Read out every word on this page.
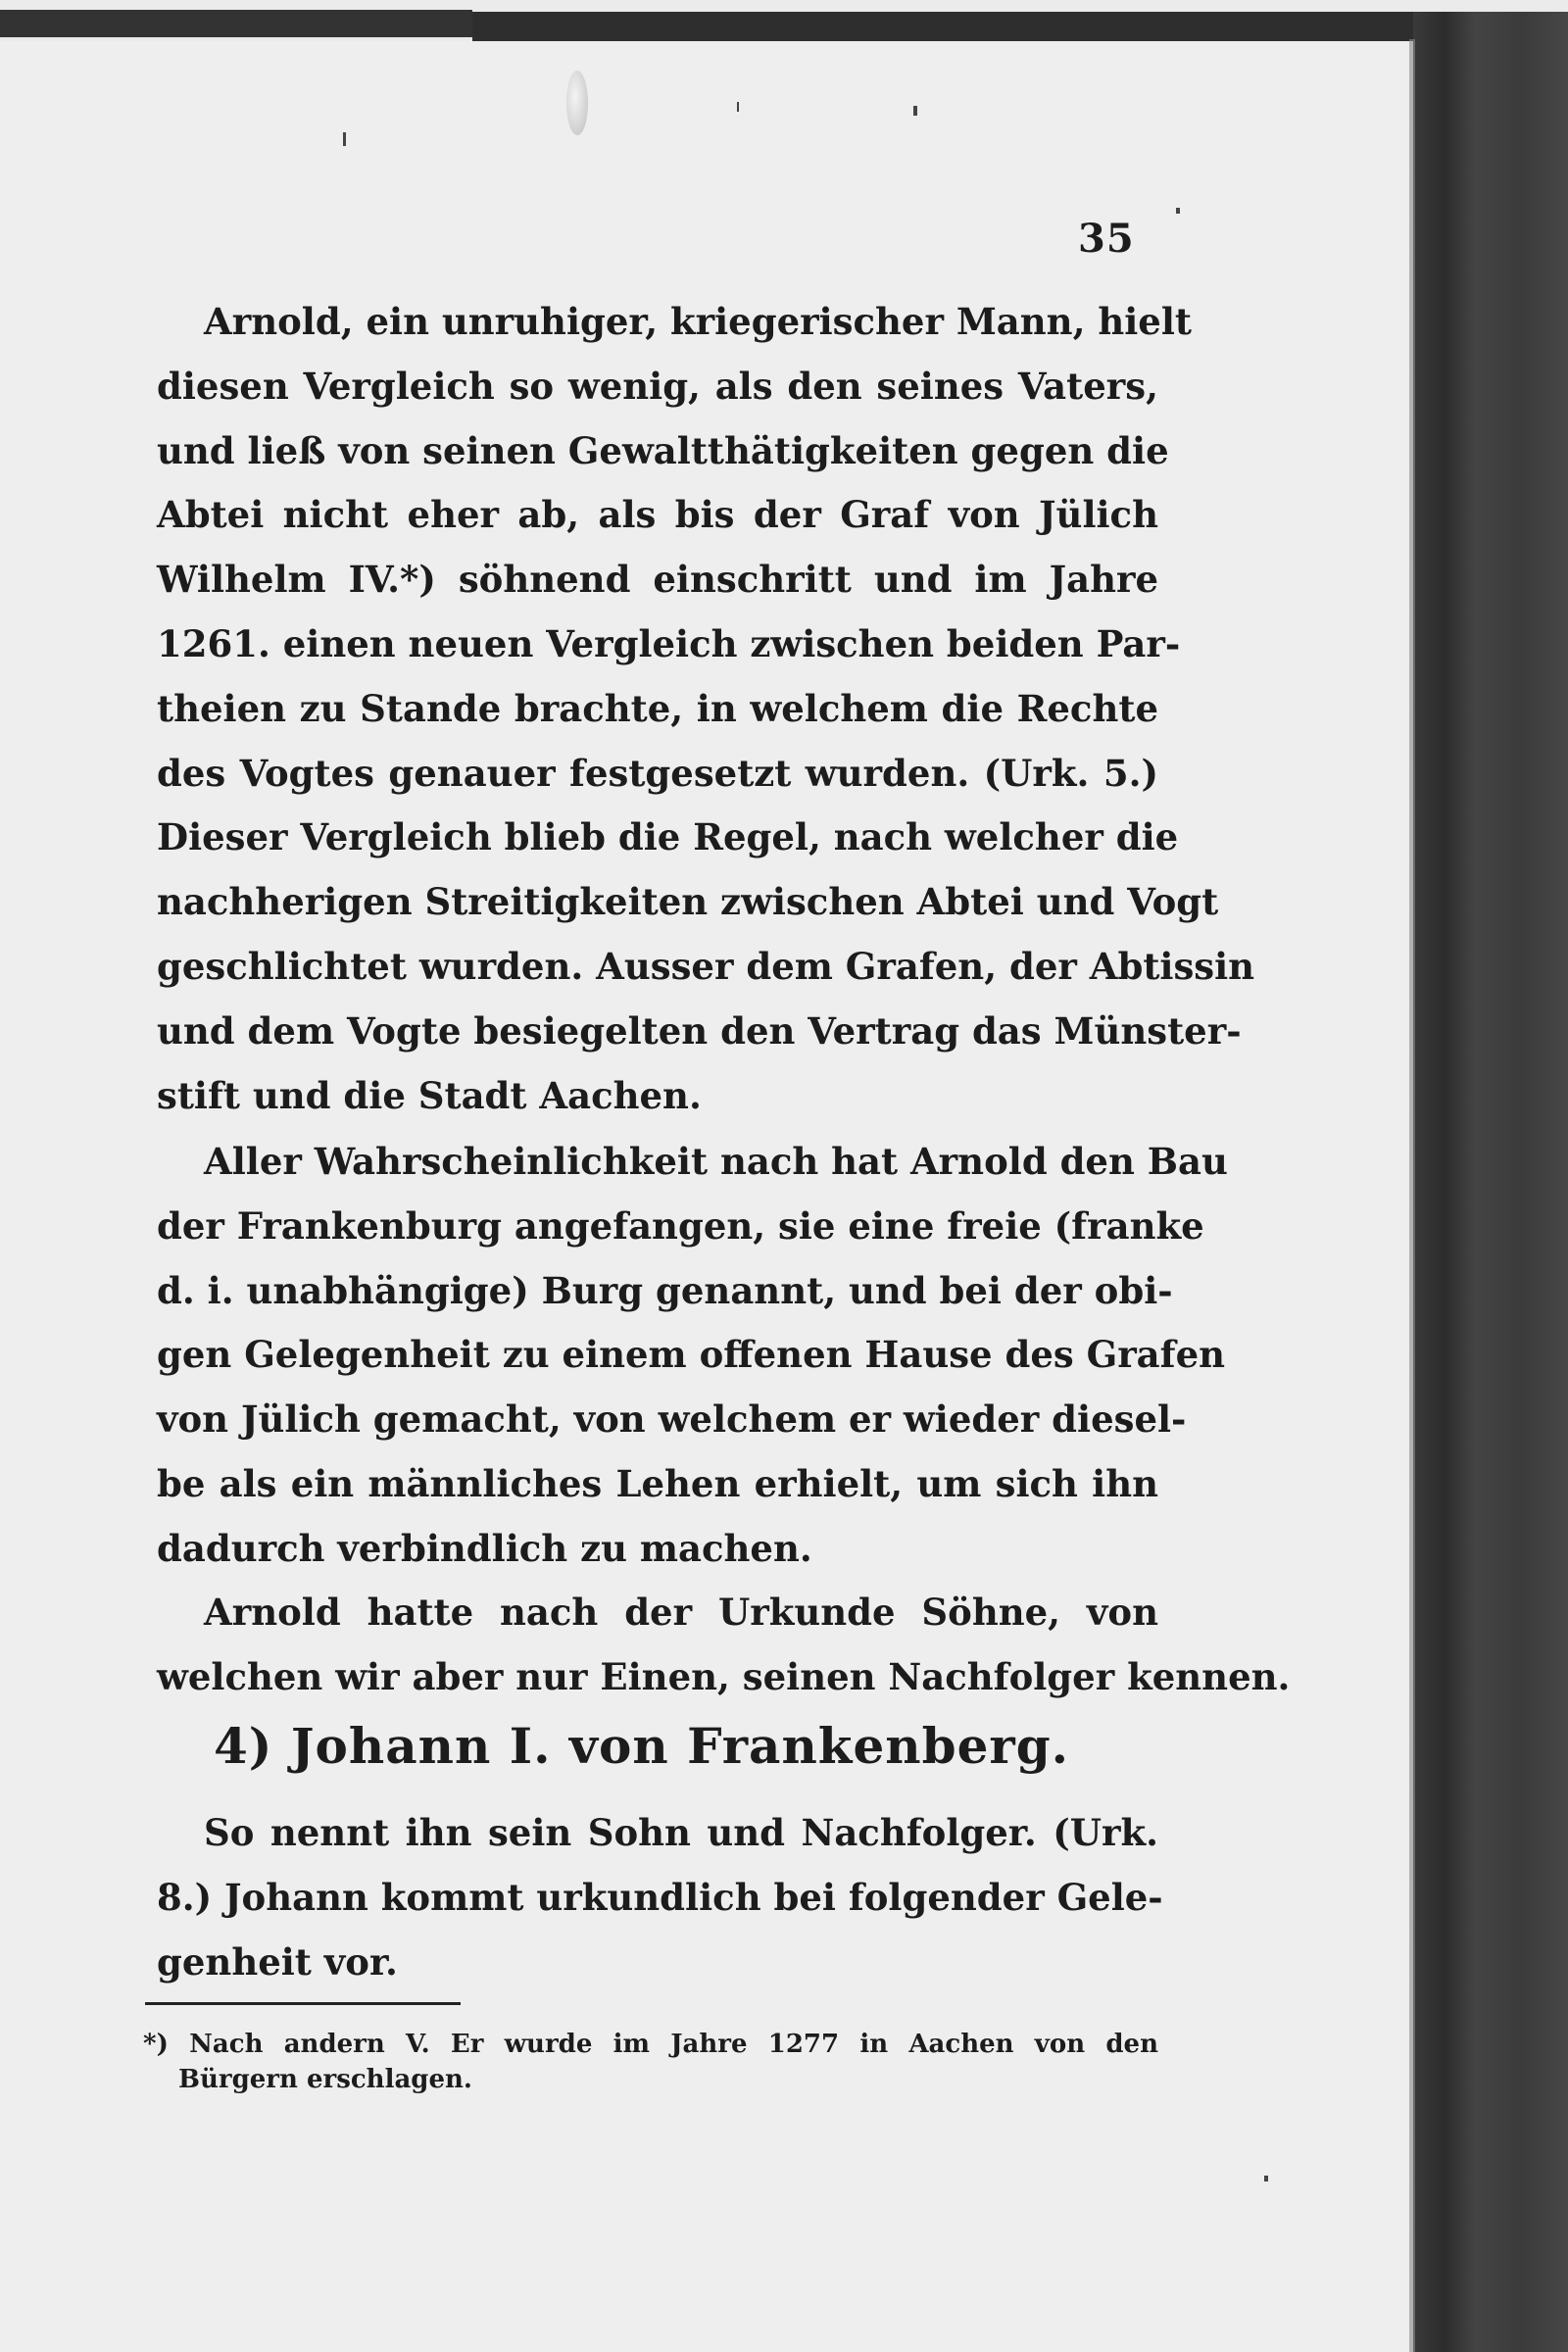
35
Arnold, ein unruhiger, kriegerischer Mann, hielt
diesen Vergleich so wenig, als den seines Vaters,
und ließ von seinen Gewaltthätigkeiten gegen die
Abtei nicht eher ab, als bis der Graf von Jülich
Wilhelm IV.*) söhnend einschritt und im Jahre
1261. einen neuen Vergleich zwischen beiden Par-
theien zu Stande brachte, in welchem die Rechte
des Vogtes genauer festgesetzt wurden. (Urk. 5.)
Dieser Vergleich blieb die Regel, nach welcher die
nachherigen Streitigkeiten zwischen Abtei und Vogt
geschlichtet wurden. Ausser dem Grafen, der Abtissin
und dem Vogte besiegelten den Vertrag das Münster-
stift und die Stadt Aachen.
Aller Wahrscheinlichkeit nach hat Arnold den Bau
der Frankenburg angefangen, sie eine freie (franke
d. i. unabhängige) Burg genannt, und bei der obi-
gen Gelegenheit zu einem offenen Hause des Grafen
von Jülich gemacht, von welchem er wieder diesel-
be als ein männliches Lehen erhielt, um sich ihn
dadurch verbindlich zu machen.
Arnold hatte nach der Urkunde Söhne, von
welchen wir aber nur Einen, seinen Nachfolger kennen.
4) Johann I. von Frankenberg.
So nennt ihn sein Sohn und Nachfolger. (Urk.
8.) Johann kommt urkundlich bei folgender Gele-
genheit vor.
*) Nach andern V. Er wurde im Jahre 1277 in Aachen von den
Bürgern erschlagen.
